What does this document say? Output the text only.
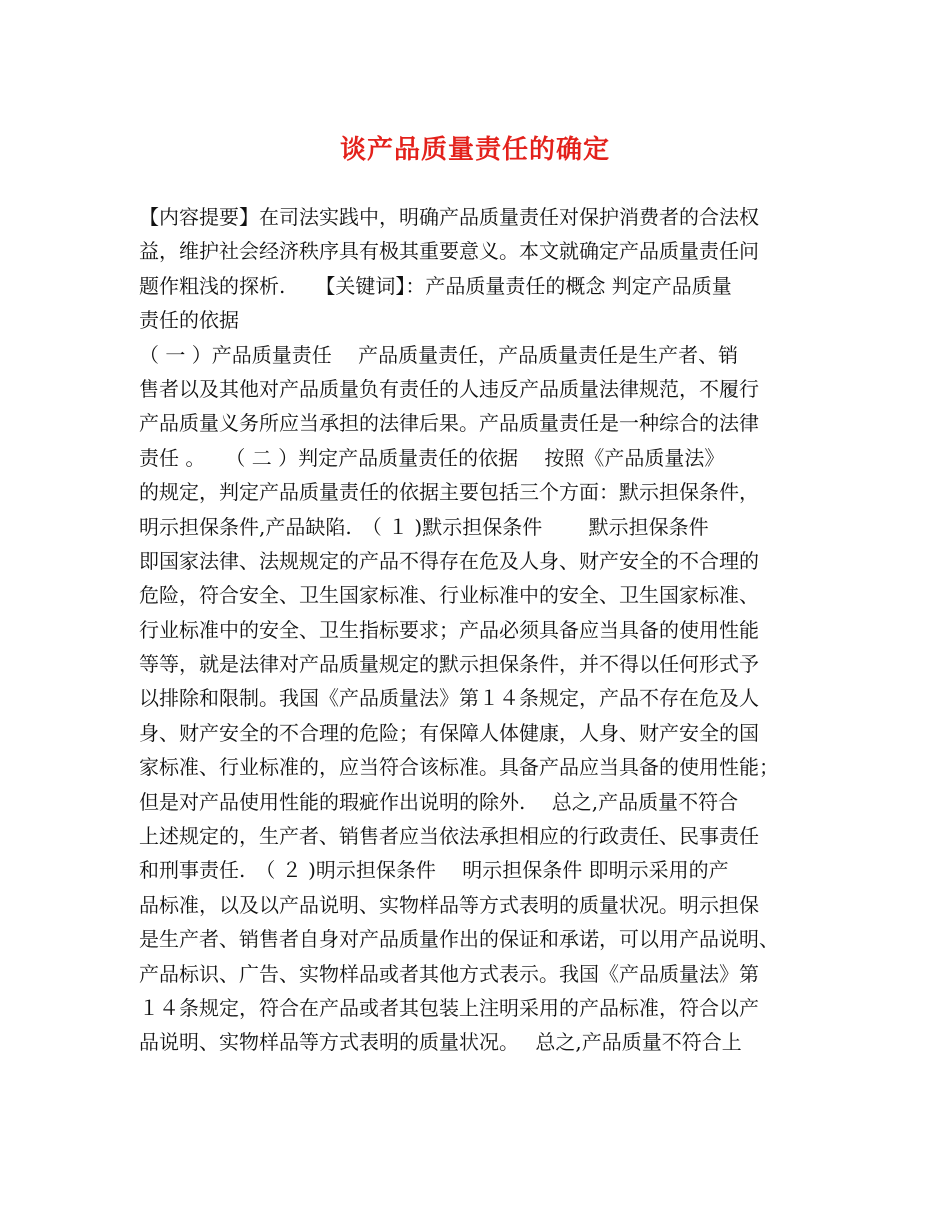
谈产品质量责任的确定
【内容提要】在司法实践中，明确产品质量责任对保护消费者的合法权
益，维护社会经济秩序具有极其重要意义。本文就确定产品质量责任问
题作粗浅的探析.　　【关键词】：产品质量责任的概念 判定产品质量
责任的依据
（ 一 ）产品质量责任　 产品质量责任，产品质量责任是生产者、销
售者以及其他对产品质量负有责任的人违反产品质量法律规范，不履行
产品质量义务所应当承担的法律后果。产品质量责任是一种综合的法律
责任 。　　（ 二 ）判定产品质量责任的依据　 按照《产品质量法》
的规定，判定产品质量责任的依据主要包括三个方面：默示担保条件，
明示担保条件,产品缺陷.　（ １ )默示担保条件　　 默示担保条件
即国家法律、法规规定的产品不得存在危及人身、财产安全的不合理的
危险，符合安全、卫生国家标准、行业标准中的安全、卫生国家标准、
行业标准中的安全、卫生指标要求；产品必须具备应当具备的使用性能
等等，就是法律对产品质量规定的默示担保条件，并不得以任何形式予
以排除和限制。我国《产品质量法》第１４条规定，产品不存在危及人
身、财产安全的不合理的危险；有保障人体健康，人身、财产安全的国
家标准、行业标准的，应当符合该标准。具备产品应当具备的使用性能；
但是对产品使用性能的瑕疵作出说明的除外.　 总之,产品质量不符合
上述规定的，生产者、销售者应当依法承担相应的行政责任、民事责任
和刑事责任.　（ ２ )明示担保条件　 明示担保条件 即明示采用的产
品标准，以及以产品说明、实物样品等方式表明的质量状况。明示担保
是生产者、销售者自身对产品质量作出的保证和承诺，可以用产品说明、
产品标识、广告、实物样品或者其他方式表示。我国《产品质量法》第
１４条规定，符合在产品或者其包装上注明采用的产品标准，符合以产
品说明、实物样品等方式表明的质量状况。　 总之,产品质量不符合上
